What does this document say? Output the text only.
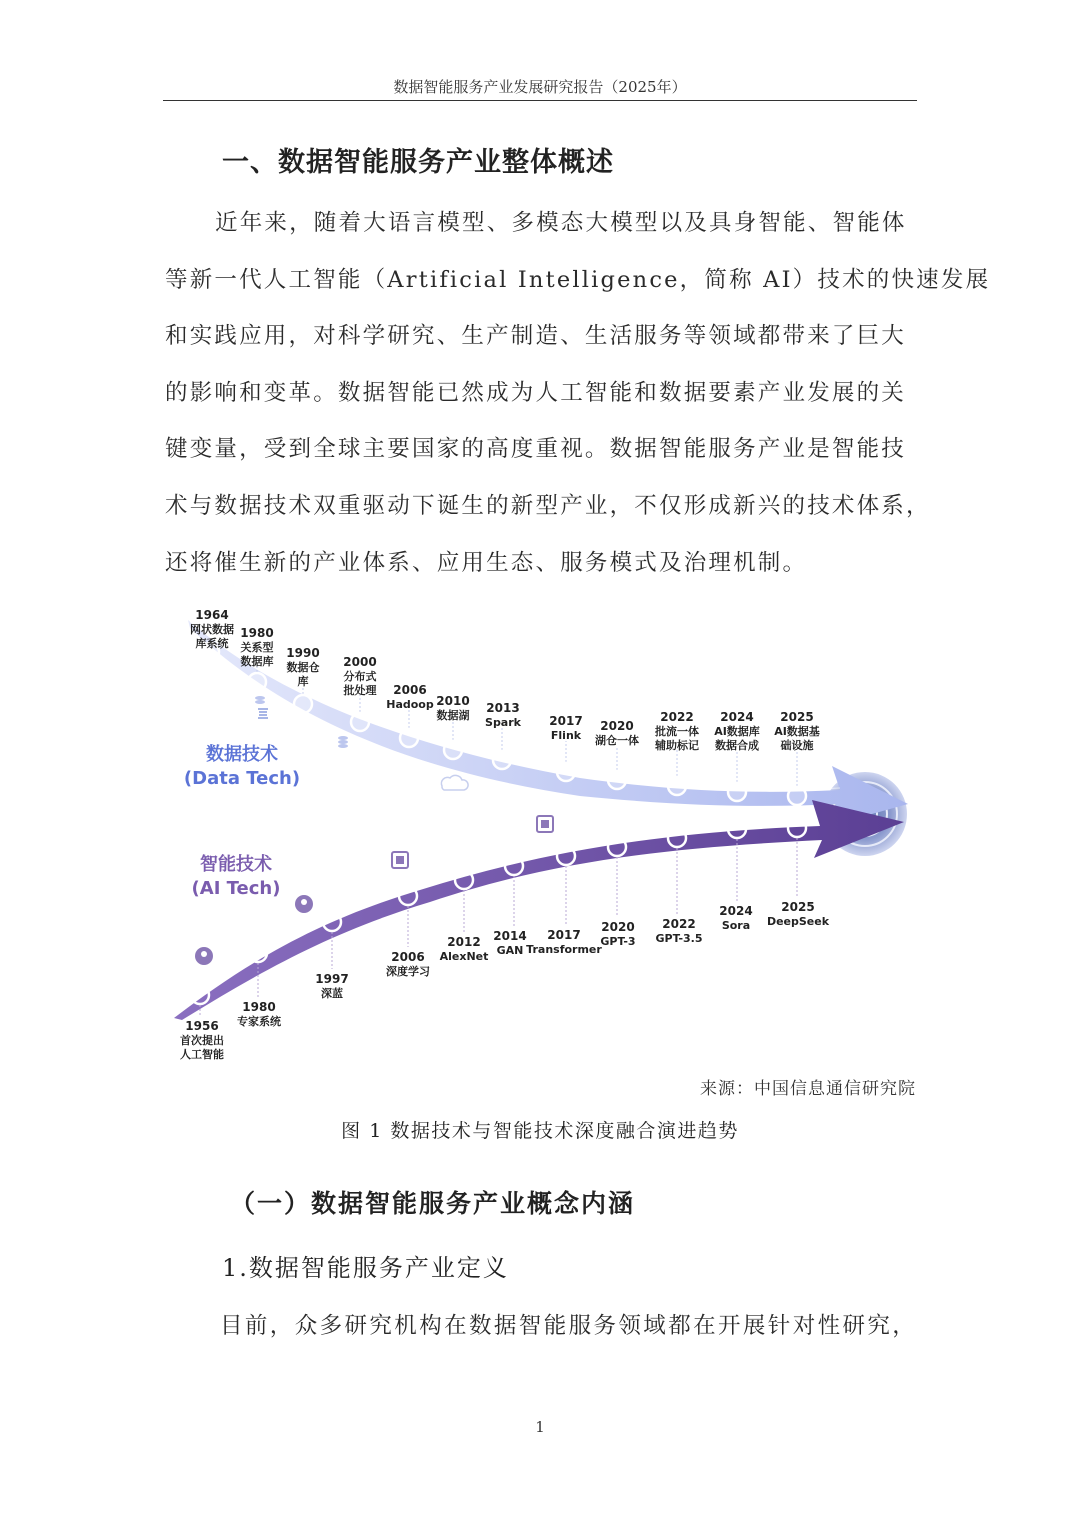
数据智能服务产业发展研究报告（2025年）
一、数据智能服务产业整体概述
近年来，随着大语言模型、多模态大模型以及具身智能、智能体
等新一代人工智能（Artificial Intelligence，简称 AI）技术的快速发展
和实践应用，对科学研究、生产制造、生活服务等领域都带来了巨大
的影响和变革。数据智能已然成为人工智能和数据要素产业发展的关
键变量，受到全球主要国家的高度重视。数据智能服务产业是智能技
术与数据技术双重驱动下诞生的新型产业，不仅形成新兴的技术体系，
还将催生新的产业体系、应用生态、服务模式及治理机制。
数据技术
(Data Tech)
智能技术
(AI Tech)
1964
网状数据
库系统
1980
关系型
数据库
1990
数据仓
库
2000
分布式
批处理 2006
Hadoop 2010
数据湖
2013
Spark 2017
Flink
2020
湖仓一体
2022
批流一体
辅助标记
2024
AI数据库
数据合成
2025
AI数据基
础设施
1956
首次提出
人工智能
1980
专家系统
1997
深蓝
2006
深度学习
2012
AlexNet
2014
GAN
2017
Transformer
2020
GPT-3
2022
GPT-3.5
2024
Sora
2025
DeepSeek
来源：中国信息通信研究院
图 1 数据技术与智能技术深度融合演进趋势
（一）数据智能服务产业概念内涵
1.数据智能服务产业定义
目前，众多研究机构在数据智能服务领域都在开展针对性研究，
1
